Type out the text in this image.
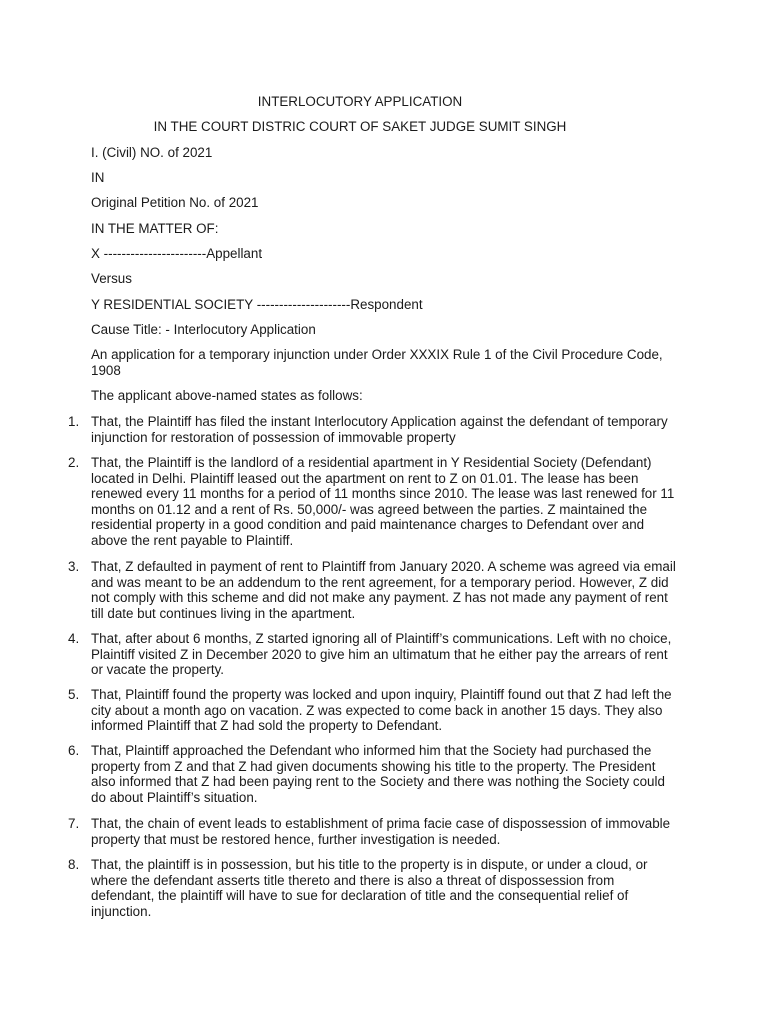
INTERLOCUTORY APPLICATION
IN THE COURT DISTRIC COURT OF SAKET JUDGE SUMIT SINGH
I. (Civil) NO. of 2021
IN
Original Petition No. of 2021
IN THE MATTER OF:
X -----------------------Appellant
Versus
Y RESIDENTIAL SOCIETY ---------------------Respondent
Cause Title: - Interlocutory Application
An application for a temporary injunction under Order XXXIX Rule 1 of the Civil Procedure Code, 1908
The applicant above-named states as follows:
1. That, the Plaintiff has filed the instant Interlocutory Application against the defendant of temporary injunction for restoration of possession of immovable property
2. That, the Plaintiff is the landlord of a residential apartment in Y Residential Society (Defendant) located in Delhi. Plaintiff leased out the apartment on rent to Z on 01.01. The lease has been renewed every 11 months for a period of 11 months since 2010. The lease was last renewed for 11 months on 01.12 and a rent of Rs. 50,000/- was agreed between the parties. Z maintained the residential property in a good condition and paid maintenance charges to Defendant over and above the rent payable to Plaintiff.
3. That, Z defaulted in payment of rent to Plaintiff from January 2020. A scheme was agreed via email and was meant to be an addendum to the rent agreement, for a temporary period. However, Z did not comply with this scheme and did not make any payment. Z has not made any payment of rent till date but continues living in the apartment.
4. That, after about 6 months, Z started ignoring all of Plaintiff’s communications. Left with no choice, Plaintiff visited Z in December 2020 to give him an ultimatum that he either pay the arrears of rent or vacate the property.
5. That, Plaintiff found the property was locked and upon inquiry, Plaintiff found out that Z had left the city about a month ago on vacation. Z was expected to come back in another 15 days. They also informed Plaintiff that Z had sold the property to Defendant.
6. That, Plaintiff approached the Defendant who informed him that the Society had purchased the property from Z and that Z had given documents showing his title to the property. The President also informed that Z had been paying rent to the Society and there was nothing the Society could do about Plaintiff’s situation.
7. That, the chain of event leads to establishment of prima facie case of dispossession of immovable property that must be restored hence, further investigation is needed.
8. That, the plaintiff is in possession, but his title to the property is in dispute, or under a cloud, or where the defendant asserts title thereto and there is also a threat of dispossession from defendant, the plaintiff will have to sue for declaration of title and the consequential relief of injunction.
